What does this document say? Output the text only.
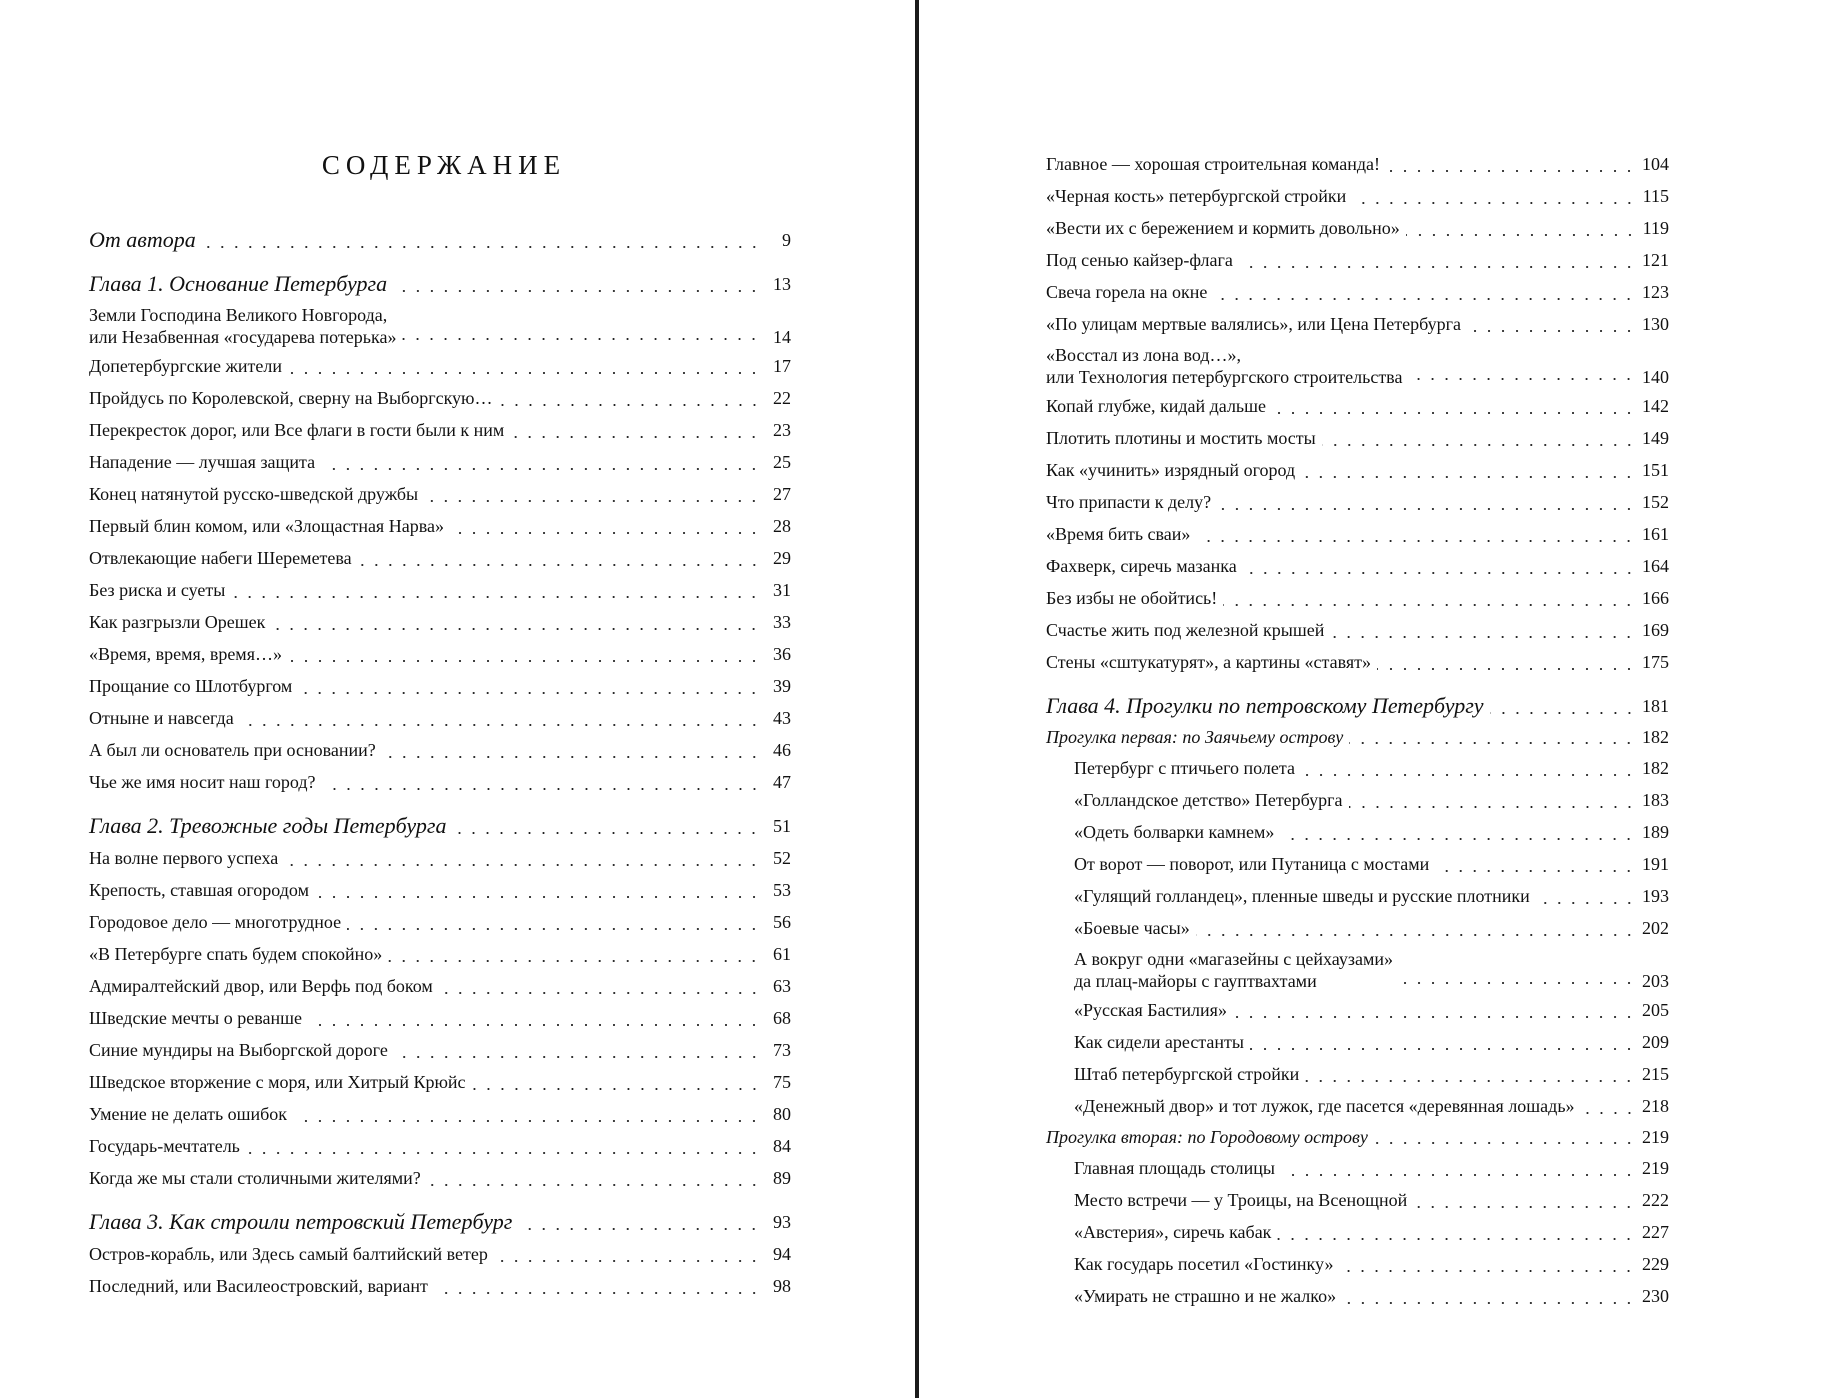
СОДЕРЖАНИЕ
От автора	9
Глава 1. Основание Петербурга	13
Земли Господина Великого Новгорода,
или Незабвенная «государева потерька»	14
Допетербургские жители	17
Пройдусь по Королевской, сверну на Выборгскую…	22
Перекресток дорог, или Все флаги в гости были к ним	23
Нападение — лучшая защита	25
Конец натянутой русско-шведской дружбы	27
Первый блин комом, или «Злощастная Нарва»	28
Отвлекающие набеги Шереметева	29
Без риска и суеты	31
Как разгрызли Орешек	33
«Время, время, время…»	36
Прощание со Шлотбургом	39
Отныне и навсегда	43
А был ли основатель при основании?	46
Чье же имя носит наш город?	47
Глава 2. Тревожные годы Петербурга	51
На волне первого успеха	52
Крепость, ставшая огородом	53
Городовое дело — многотрудное	56
«В Петербурге спать будем спокойно»	61
Адмиралтейский двор, или Верфь под боком	63
Шведские мечты о реванше	68
Синие мундиры на Выборгской дороге	73
Шведское вторжение с моря, или Хитрый Крюйс	75
Умение не делать ошибок	80
Государь-мечтатель	84
Когда же мы стали столичными жителями?	89
Глава 3. Как строили петровский Петербург	93
Остров-корабль, или Здесь самый балтийский ветер	94
Последний, или Василеостровский, вариант	98
Главное — хорошая строительная команда!	104
«Черная кость» петербургской стройки	115
«Вести их с бережением и кормить довольно»	119
Под сенью кайзер-флага	121
Свеча горела на окне	123
«По улицам мертвые валялись», или Цена Петербурга	130
«Восстал из лона вод…»,
или Технология петербургского строительства	140
Копай глубже, кидай дальше	142
Плотить плотины и мостить мосты	149
Как «учинить» изрядный огород	151
Что припасти к делу?	152
«Время бить сваи»	161
Фахверк, сиречь мазанка	164
Без избы не обойтись!	166
Счастье жить под железной крышей	169
Стены «сштукатурят», а картины «ставят»	175
Глава 4. Прогулки по петровскому Петербургу	181
Прогулка первая: по Заячьему острову	182
Петербург с птичьего полета	182
«Голландское детство» Петербурга	183
«Одеть болварки камнем»	189
От ворот — поворот, или Путаница с мостами	191
«Гулящий голландец», пленные шведы и русские плотники	193
«Боевые часы»	202
А вокруг одни «магазейны с цейхаузами»
да плац-майоры с гауптвахтами	203
«Русская Бастилия»	205
Как сидели арестанты	209
Штаб петербургской стройки	215
«Денежный двор» и тот лужок, где пасется «деревянная лошадь»	218
Прогулка вторая: по Городовому острову	219
Главная площадь столицы	219
Место встречи — у Троицы, на Всенощной	222
«Австерия», сиречь кабак	227
Как государь посетил «Гостинку»	229
«Умирать не страшно и не жалко»	230
